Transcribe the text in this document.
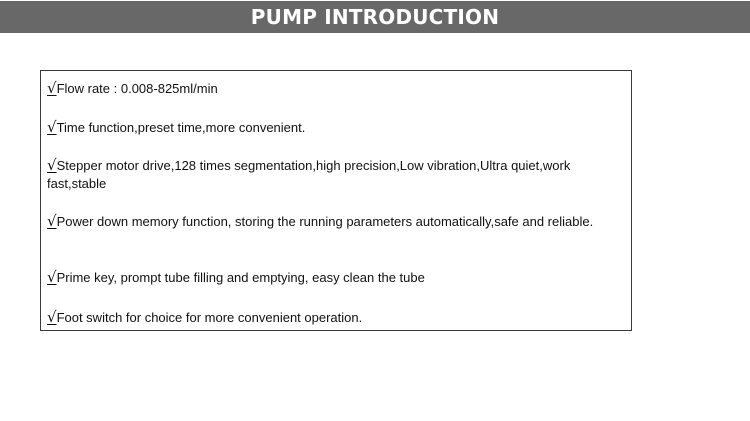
PUMP INTRODUCTION
√Flow rate : 0.008-825ml/min
√Time function,preset time,more convenient.
√Stepper motor drive,128 times segmentation,high precision,Low vibration,Ultra quiet,work fast,stable
√Power down memory function, storing the running parameters automatically,safe and reliable.
√Prime key, prompt tube filling and emptying, easy clean the tube
√Foot switch for choice for more convenient operation.
